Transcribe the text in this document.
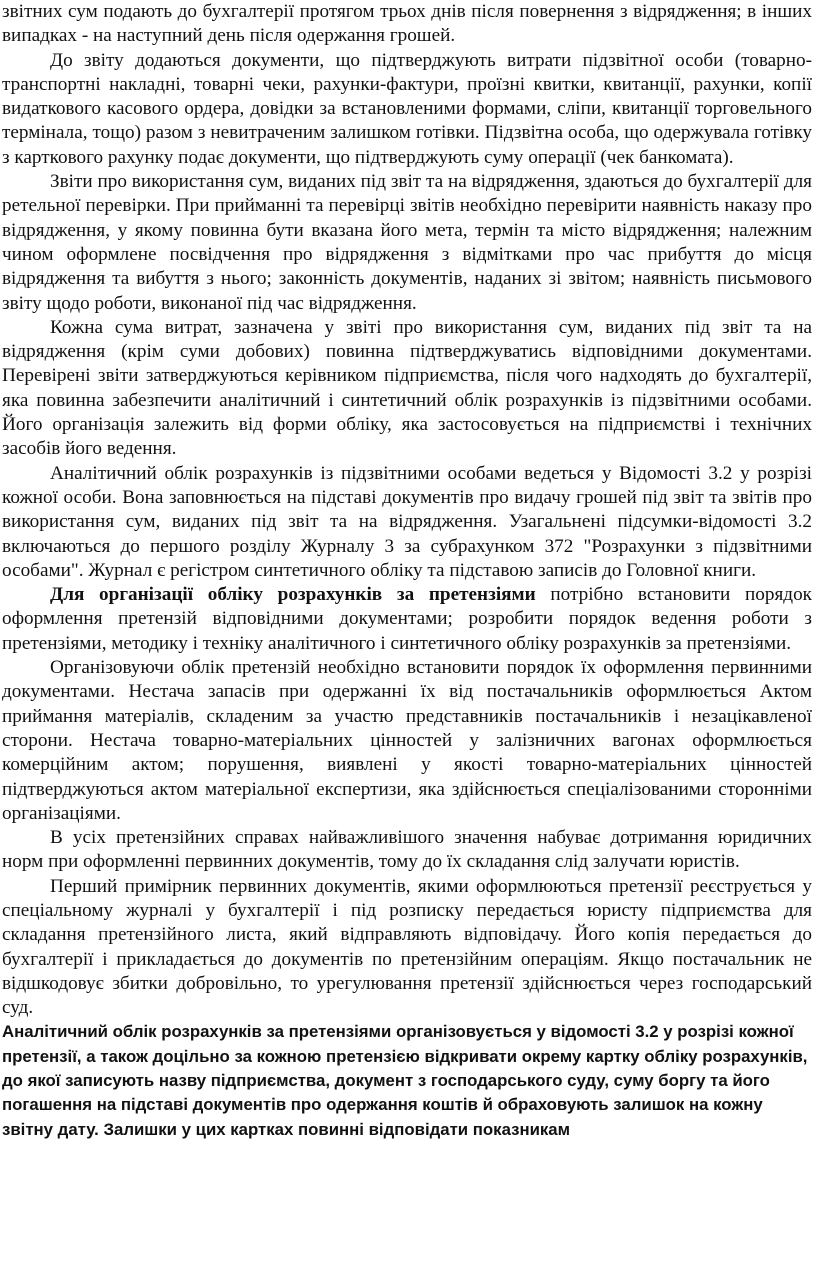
звітних сум подають до бухгалтерії протягом трьох днів після повернення з відрядження; в інших випадках - на наступний день після одержання грошей.

До звіту додаються документи, що підтверджують витрати підзвітної особи (товарно-транспортні накладні, товарні чеки, рахунки-фактури, проїзні квитки, квитанції, рахунки, копії видаткового касового ордера, довідки за встановленими формами, сліпи, квитанції торговельного термінала, тощо) разом з невитраченим залишком готівки. Підзвітна особа, що одержувала готівку з карткового рахунку подає документи, що підтверджують суму операції (чек банкомата).

Звіти про використання сум, виданих під звіт та на відрядження, здаються до бухгалтерії для ретельної перевірки. При прийманні та перевірці звітів необхідно перевірити наявність наказу про відрядження, у якому повинна бути вказана його мета, термін та місто відрядження; належним чином оформлене посвідчення про відрядження з відмітками про час прибуття до місця відрядження та вибуття з нього; законність документів, наданих зі звітом; наявність письмового звіту щодо роботи, виконаної під час відрядження.

Кожна сума витрат, зазначена у звіті про використання сум, виданих під звіт та на відрядження (крім суми добових) повинна підтверджуватись відповідними документами. Перевірені звіти затверджуються керівником підприємства, після чого надходять до бухгалтерії, яка повинна забезпечити аналітичний і синтетичний облік розрахунків із підзвітними особами. Його організація залежить від форми обліку, яка застосовується на підприємстві і технічних засобів його ведення.

Аналітичний облік розрахунків із підзвітними особами ведеться у Відомості 3.2 у розрізі кожної особи. Вона заповнюється на підставі документів про видачу грошей під звіт та звітів про використання сум, виданих під звіт та на відрядження. Узагальнені підсумки-відомості 3.2 включаються до першого розділу Журналу 3 за субрахунком 372 "Розрахунки з підзвітними особами". Журнал є регістром синтетичного обліку та підставою записів до Головної книги.

Для організації обліку розрахунків за претензіями потрібно встановити порядок оформлення претензій відповідними документами; розробити порядок ведення роботи з претензіями, методику і техніку аналітичного і синтетичного обліку розрахунків за претензіями.

Організовуючи облік претензій необхідно встановити порядок їх оформлення первинними документами. Нестача запасів при одержанні їх від постачальників оформлюється Актом приймання матеріалів, складеним за участю представників постачальників і незацікавленої сторони. Нестача товарно-матеріальних цінностей у залізничних вагонах оформлюється комерційним актом; порушення, виявлені у якості товарно-матеріальних цінностей підтверджуються актом матеріальної експертизи, яка здійснюється спеціалізованими сторонніми організаціями.

В усіх претензійних справах найважливішого значення набуває дотримання юридичних норм при оформленні первинних документів, тому до їх складання слід залучати юристів.

Перший примірник первинних документів, якими оформлюються претензії реєструється у спеціальному журналі у бухгалтерії і під розписку передається юристу підприємства для складання претензійного листа, який відправляють відповідачу. Його копія передається до бухгалтерії і прикладається до документів по претензійним операціям. Якщо постачальник не відшкодовує збитки добровільно, то урегулювання претензії здійснюється через господарський суд.

Аналітичний облік розрахунків за претензіями організовується у відомості 3.2 у розрізі кожної претензії, а також доцільно за кожною претензією відкривати окрему картку обліку розрахунків, до якої записують назву підприємства, документ з господарського суду, суму боргу та його погашення на підставі документів про одержання коштів й обраховують залишок на кожну звітну дату. Залишки у цих картках повинні відповідати показникам
